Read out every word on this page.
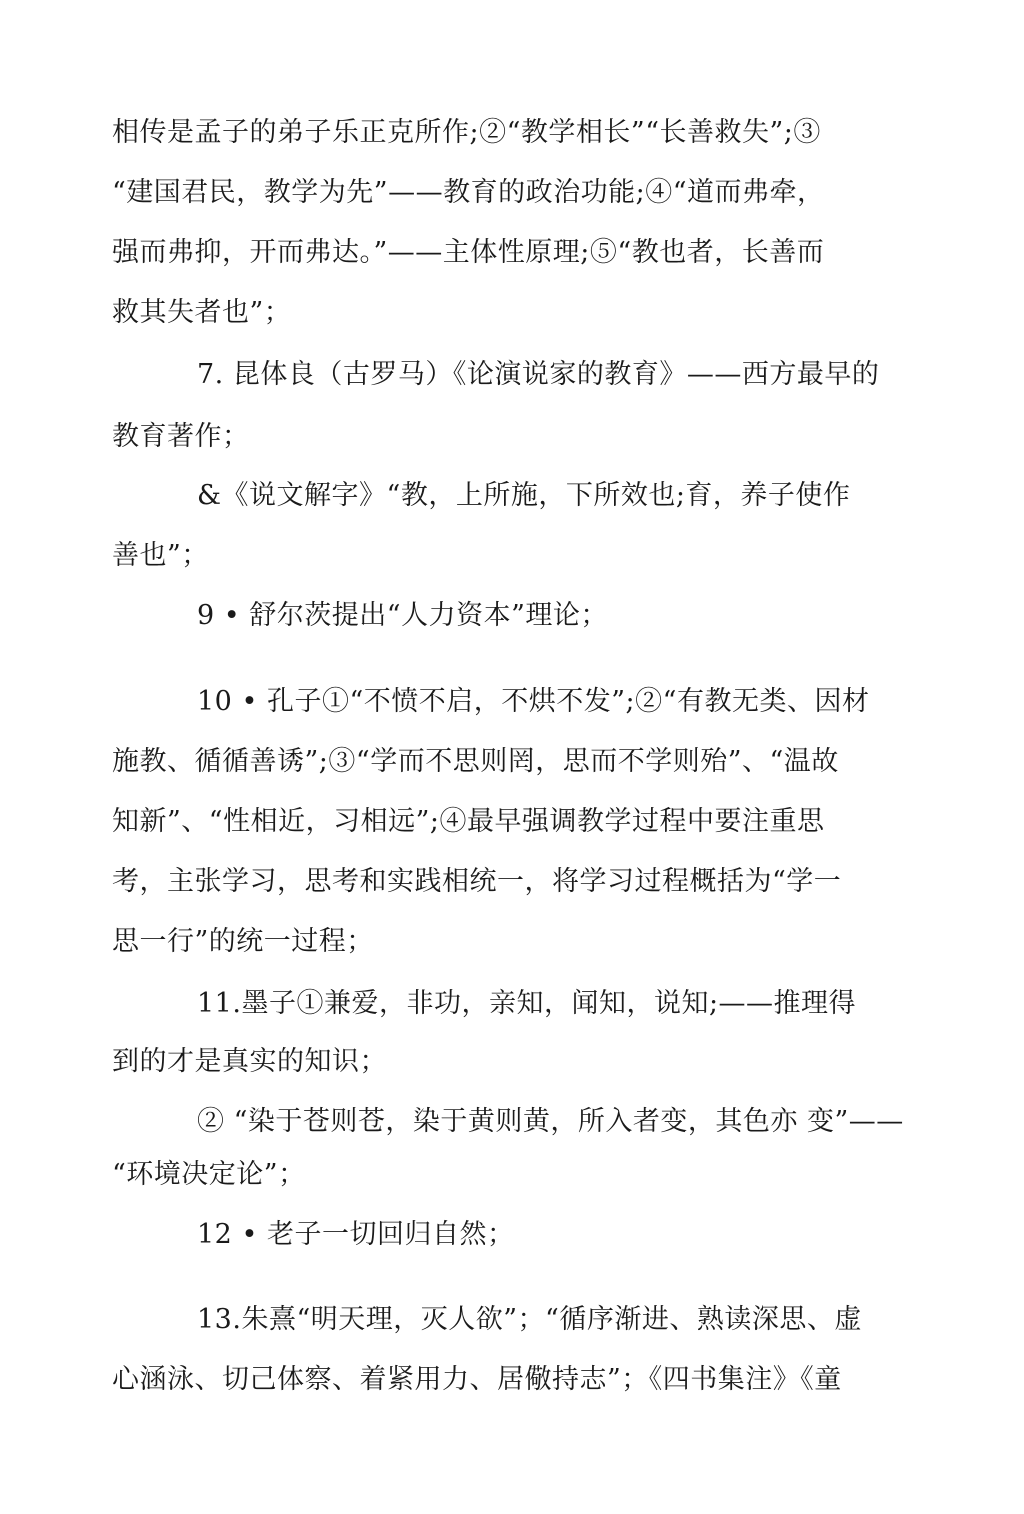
相传是孟子的弟子乐正克所作;②“教学相长”“长善救失”;③
“建国君民，教学为先”——教育的政治功能;④“道而弗牵，
强而弗抑，开而弗达。”——主体性原理;⑤“教也者，长善而
救其失者也”；
7. 昆体良（古罗马）《论演说家的教育》——西方最早的
教育著作；
&《说文解字》“教，上所施，下所效也;育，养子使作
善也”；
9 • 舒尔茨提出“人力资本”理论；
10 • 孔子①“不愤不启，不烘不发”;②“有教无类、因材
施教、循循善诱”;③“学而不思则罔，思而不学则殆”、“温故
知新”、“性相近，习相远”;④最早强调教学过程中要注重思
考，主张学习，思考和实践相统一，将学习过程概括为“学一
思一行”的统一过程；
11.墨子①兼爱，非功，亲知，闻知，说知;——推理得
到的才是真实的知识；
② “染于苍则苍，染于黄则黄，所入者变，其色亦 变”——
“环境决定论”；
12 • 老子一切回归自然；
13.朱熹“明天理，灭人欲”；“循序渐进、熟读深思、虚
心涵泳、切己体察、着紧用力、居儆持志”；《四书集注》《童
